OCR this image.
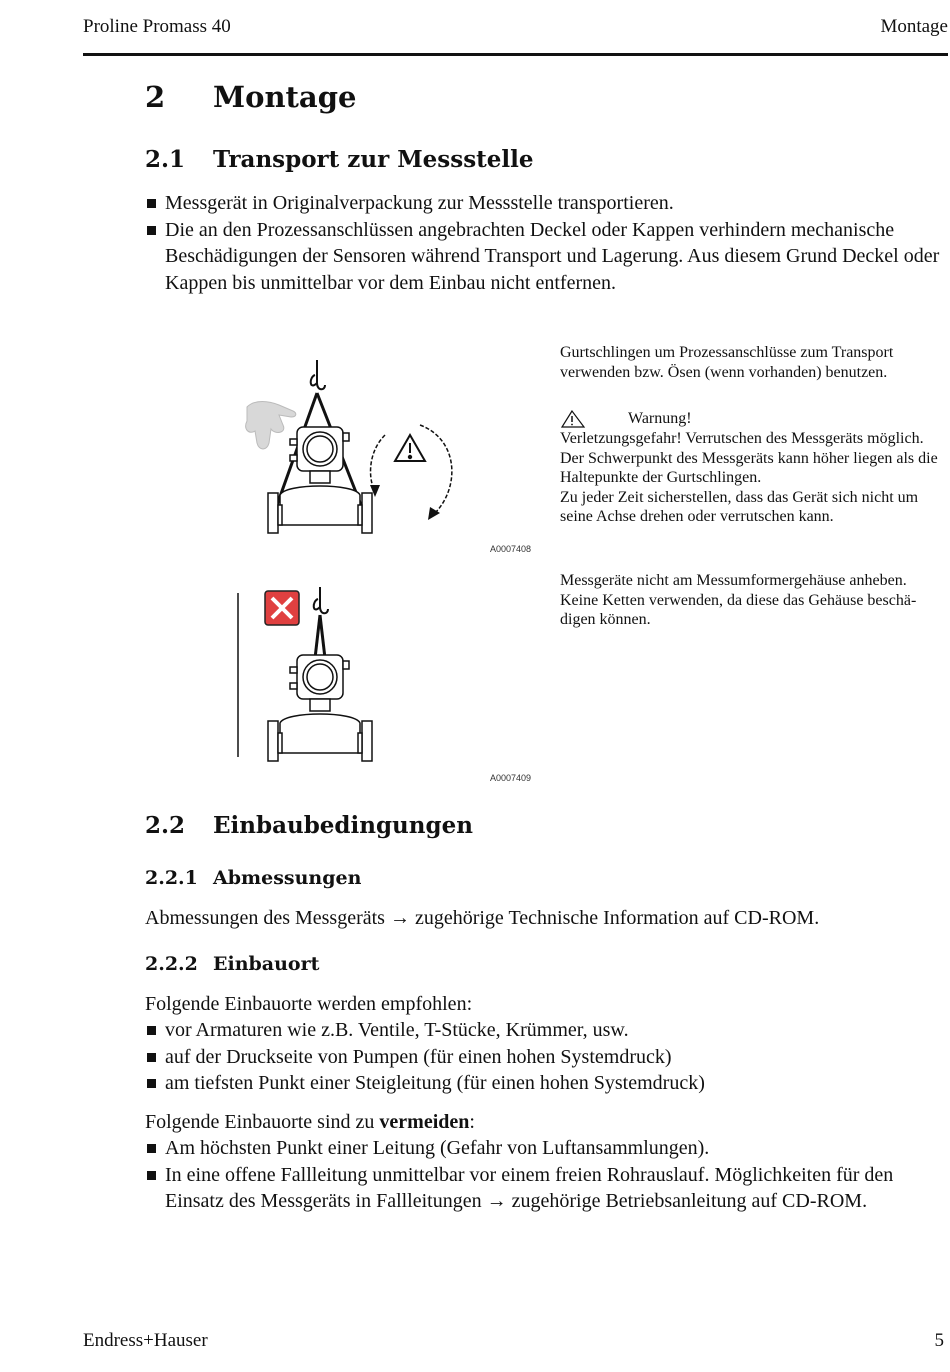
Proline Promass 40	Montage
2 Montage
2.1 Transport zur Messstelle
Messgerät in Originalverpackung zur Messstelle transportieren.
Die an den Prozessanschlüssen angebrachten Deckel oder Kappen verhindern mechanische Beschädigungen der Sensoren während Transport und Lagerung. Aus diesem Grund Deckel oder Kappen bis unmittelbar vor dem Einbau nicht entfernen.
A0007408
Gurtschlingen um Prozessanschlüsse zum Transport verwenden bzw. Ösen (wenn vorhanden) benutzen.
Warnung!
Verletzungsgefahr! Verrutschen des Messgeräts möglich.
Der Schwerpunkt des Messgeräts kann höher liegen als die Haltepunkte der Gurtschlingen.
Zu jeder Zeit sicherstellen, dass das Gerät sich nicht um seine Achse drehen oder verrutschen kann.
A0007409
Messgeräte nicht am Messumformergehäuse anheben. Keine Ketten verwenden, da diese das Gehäuse beschä-digen können.
2.2 Einbaubedingungen
2.2.1 Abmessungen
Abmessungen des Messgeräts → zugehörige Technische Information auf CD-ROM.
2.2.2 Einbauort
Folgende Einbauorte werden empfohlen:
vor Armaturen wie z.B. Ventile, T-Stücke, Krümmer, usw.
auf der Druckseite von Pumpen (für einen hohen Systemdruck)
am tiefsten Punkt einer Steigleitung (für einen hohen Systemdruck)
Folgende Einbauorte sind zu vermeiden:
Am höchsten Punkt einer Leitung (Gefahr von Luftansammlungen).
In eine offene Fallleitung unmittelbar vor einem freien Rohrauslauf. Möglichkeiten für den Einsatz des Messgeräts in Fallleitungen → zugehörige Betriebsanleitung auf CD-ROM.
Endress+Hauser	5
